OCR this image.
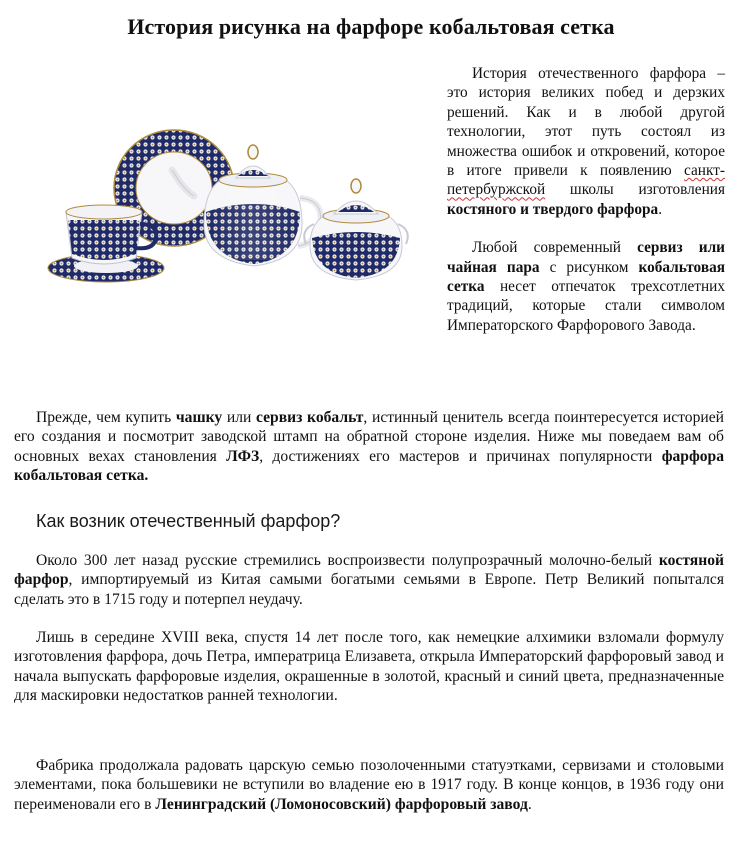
История рисунка на фарфоре кобальтовая сетка

История отечественного фарфора – это история великих побед и дерзких решений. Как и в любой другой технологии, этот путь состоял из множества ошибок и откровений, которое в итоге привели к появлению санкт-петербуржской школы изготовления костяного и твердого фарфора.

Любой современный сервиз или чайная пара с рисунком кобальтовая сетка несет отпечаток трехсотлетних традиций, которые стали символом Императорского Фарфорового Завода.

Прежде, чем купить чашку или сервиз кобальт, истинный ценитель всегда поинтересуется историей его создания и посмотрит заводской штамп на обратной стороне изделия. Ниже мы поведаем вам об основных вехах становления ЛФЗ, достижениях его мастеров и причинах популярности фарфора кобальтовая сетка.

Как возник отечественный фарфор?

Около 300 лет назад русские стремились воспроизвести полупрозрачный молочно-белый костяной фарфор, импортируемый из Китая самыми богатыми семьями в Европе. Петр Великий попытался сделать это в 1715 году и потерпел неудачу.

Лишь в середине XVIII века, спустя 14 лет после того, как немецкие алхимики взломали формулу изготовления фарфора, дочь Петра, императрица Елизавета, открыла Императорский фарфоровый завод и начала выпускать фарфоровые изделия, окрашенные в золотой, красный и синий цвета, предназначенные для маскировки недостатков ранней технологии.

Фабрика продолжала радовать царскую семью позолоченными статуэтками, сервизами и столовыми элементами, пока большевики не вступили во владение ею в 1917 году. В конце концов, в 1936 году они переименовали его в Ленинградский (Ломоносовский) фарфоровый завод.
